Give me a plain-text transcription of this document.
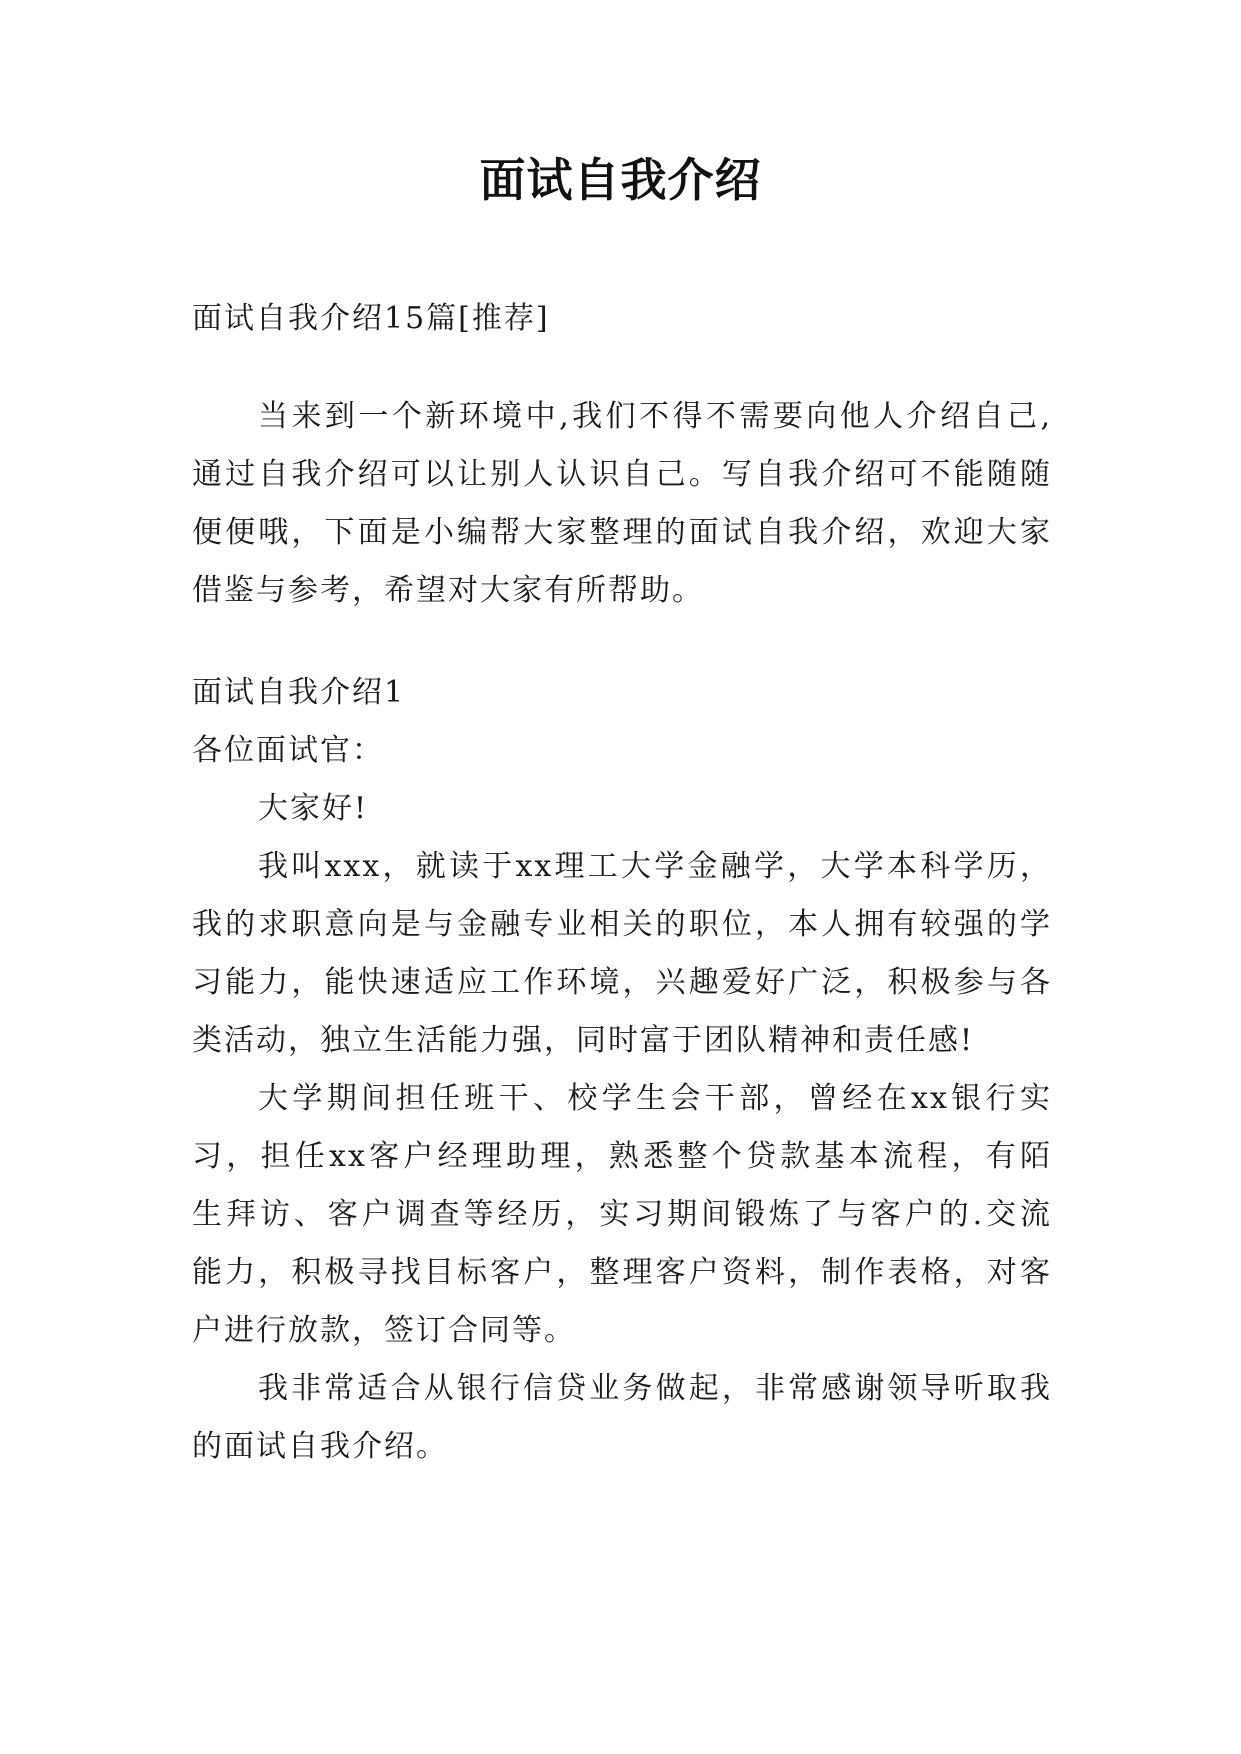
面试自我介绍
面试自我介绍15篇[推荐]
当来到一个新环境中,我们不得不需要向他人介绍自己,
通过自我介绍可以让别人认识自己。写自我介绍可不能随随
便便哦，下面是小编帮大家整理的面试自我介绍，欢迎大家
借鉴与参考，希望对大家有所帮助。
面试自我介绍1
各位面试官：
大家好!
我叫xxx，就读于xx理工大学金融学，大学本科学历，
我的求职意向是与金融专业相关的职位，本人拥有较强的学
习能力，能快速适应工作环境，兴趣爱好广泛，积极参与各
类活动，独立生活能力强，同时富于团队精神和责任感!
大学期间担任班干、校学生会干部，曾经在xx银行实
习，担任xx客户经理助理，熟悉整个贷款基本流程，有陌
生拜访、客户调查等经历，实习期间锻炼了与客户的.交流
能力，积极寻找目标客户，整理客户资料，制作表格，对客
户进行放款，签订合同等。
我非常适合从银行信贷业务做起，非常感谢领导听取我
的面试自我介绍。
